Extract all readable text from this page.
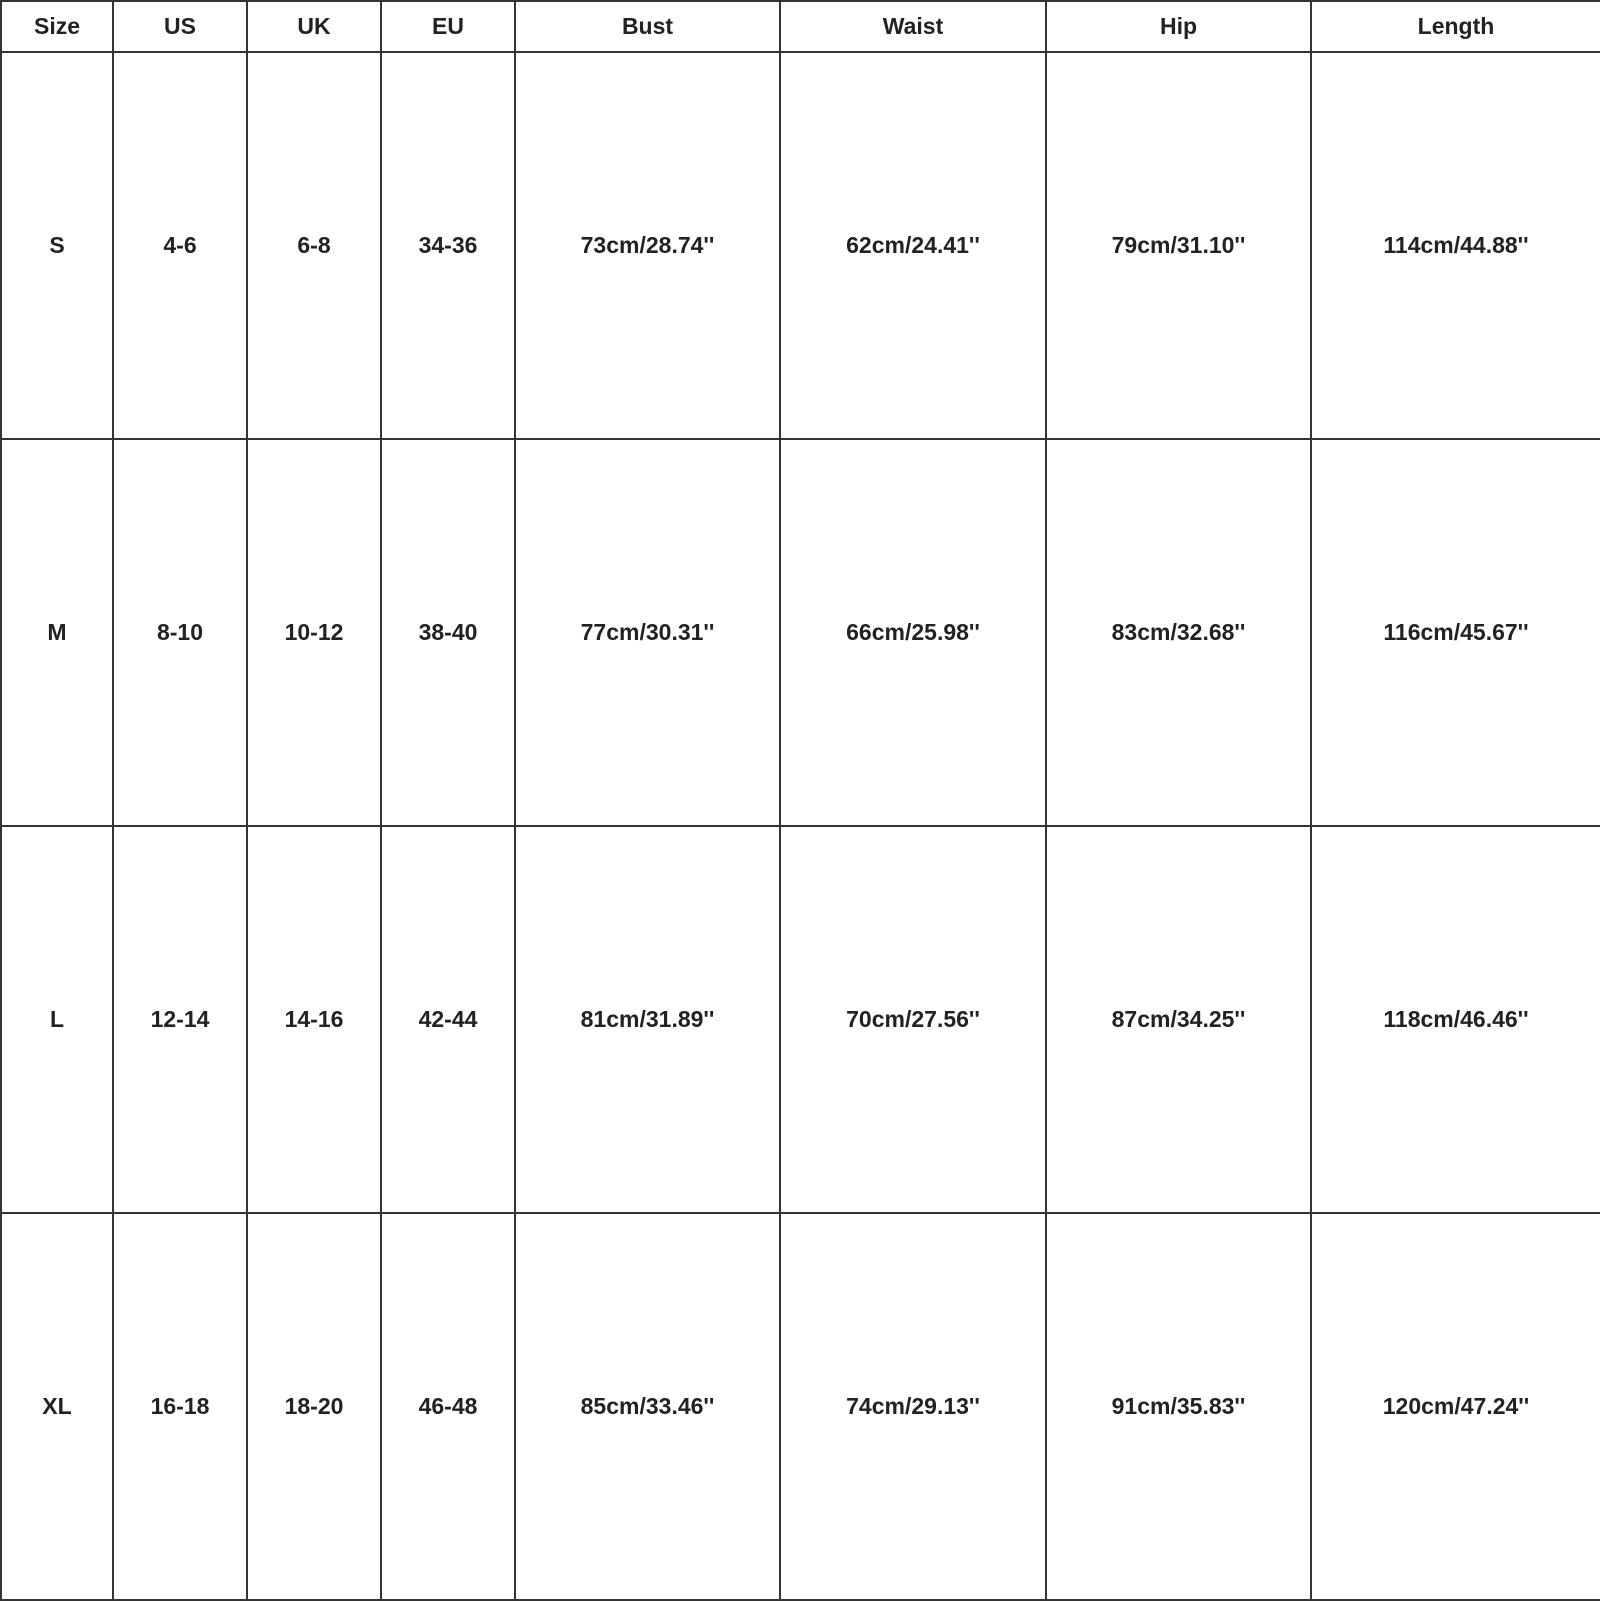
Size	US	UK	EU	Bust	Waist	Hip	Length
S	4-6	6-8	34-36	73cm/28.74''	62cm/24.41''	79cm/31.10''	114cm/44.88''
M	8-10	10-12	38-40	77cm/30.31''	66cm/25.98''	83cm/32.68''	116cm/45.67''
L	12-14	14-16	42-44	81cm/31.89''	70cm/27.56''	87cm/34.25''	118cm/46.46''
XL	16-18	18-20	46-48	85cm/33.46''	74cm/29.13''	91cm/35.83''	120cm/47.24''
